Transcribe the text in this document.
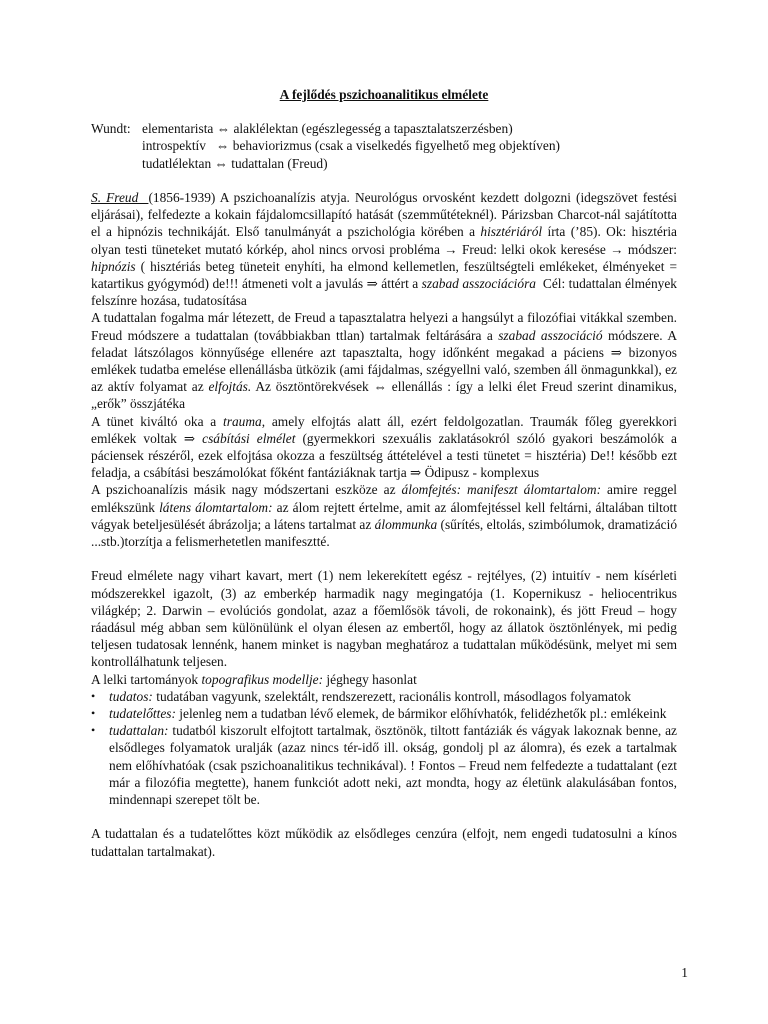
A fejlődés pszichoanalitikus elmélete

Wundt: elementarista ⇔ alaklélektan (egészlegesség a tapasztalatszerzésben)
introspektív   ⇔ behaviorizmus (csak a viselkedés figyelhető meg objektíven)
tudatlélektan ⇔ tudattalan (Freud)

S. Freud  (1856-1939) A pszichoanalízis atyja. Neurológus orvosként kezdett dolgozni (idegszövet festési eljárásai), felfedezte a kokain fájdalomcsillapító hatását (szemműtéteknél). Párizsban Charcot-nál sajátította el a hipnózis technikáját. Első tanulmányát a pszichológia körében a hisztériáról írta (’85). Ok: hisztéria olyan testi tüneteket mutató kórkép, ahol nincs orvosi probléma → Freud: lelki okok keresése → módszer: hipnózis ( hisztériás beteg tüneteit enyhíti, ha elmond kellemetlen, feszültségteli emlékeket, élményeket = katartikus gyógymód) de!!! átmeneti volt a javulás ⇒ áttért a szabad asszociációra  Cél: tudattalan élmények felszínre hozása, tudatosítása

A tudattalan fogalma már létezett, de Freud a tapasztalatra helyezi a hangsúlyt a filozófiai vitákkal szemben. Freud módszere a tudattalan (továbbiakban ttlan) tartalmak feltárására a szabad asszociáció módszere. A feladat látszólagos könnyűsége ellenére azt tapasztalta, hogy időnként megakad a páciens ⇒ bizonyos emlékek tudatba emelése ellenállásba ütközik (ami fájdalmas, szégyellni való, szemben áll önmagunkkal), ez az aktív folyamat az elfojtás. Az ösztöntörekvések ⇔ ellenállás : így a lelki élet Freud szerint dinamikus, „erők” összjátéka

A tünet kiváltó oka a trauma, amely elfojtás alatt áll, ezért feldolgozatlan. Traumák főleg gyerekkori emlékek voltak ⇒ csábítási elmélet (gyermekkori szexuális zaklatásokról szóló gyakori beszámolók a páciensek részéről, ezek elfojtása okozza a feszültség áttételével a testi tünetet = hisztéria) De!! később ezt feladja, a csábítási beszámolókat főként fantáziáknak tartja ⇒ Ödipusz - komplexus

A pszichoanalízis másik nagy módszertani eszköze az álomfejtés: manifeszt álomtartalom: amire reggel emlékszünk látens álomtartalom: az álom rejtett értelme, amit az álomfejtéssel kell feltárni, általában tiltott vágyak beteljesülését ábrázolja; a látens tartalmat az álommunka (sűrítés, eltolás, szimbólumok, dramatizáció ...stb.)torzítja a felismerhetetlen manifesztté.

Freud elmélete nagy vihart kavart, mert (1) nem lekerekített egész - rejtélyes, (2) intuitív - nem kísérleti módszerekkel igazolt, (3) az emberkép harmadik nagy megingatója (1. Kopernikusz - heliocentrikus világkép; 2. Darwin – evolúciós gondolat, azaz a főemlősök távoli, de rokonaink), és jött Freud – hogy ráadásul még abban sem különülünk el olyan élesen az embertől, hogy az állatok ösztönlények, mi pedig teljesen tudatosak lennénk, hanem minket is nagyban meghatároz a tudattalan működésünk, melyet mi sem kontrollálhatunk teljesen.

A lelki tartományok topografikus modellje: jéghegy hasonlat

• tudatos: tudatában vagyunk, szelektált, rendszerezett, racionális kontroll, másodlagos folyamatok
• tudatelőttes: jelenleg nem a tudatban lévő elemek, de bármikor előhívhatók, felidézhetők pl.: emlékeink
• tudattalan: tudatból kiszorult elfojtott tartalmak, ösztönök, tiltott fantáziák és vágyak lakoznak benne, az elsődleges folyamatok uralják (azaz nincs tér-idő ill. okság, gondolj pl az álomra), és ezek a tartalmak nem előhívhatóak (csak pszichoanalitikus technikával). ! Fontos – Freud nem felfedezte a tudattalant (ezt már a filozófia megtette), hanem funkciót adott neki, azt mondta, hogy az életünk alakulásában fontos, mindennapi szerepet tölt be.

A tudattalan és a tudatelőttes közt működik az elsődleges cenzúra (elfojt, nem engedi tudatosulni a kínos tudattalan tartalmakat).

1
